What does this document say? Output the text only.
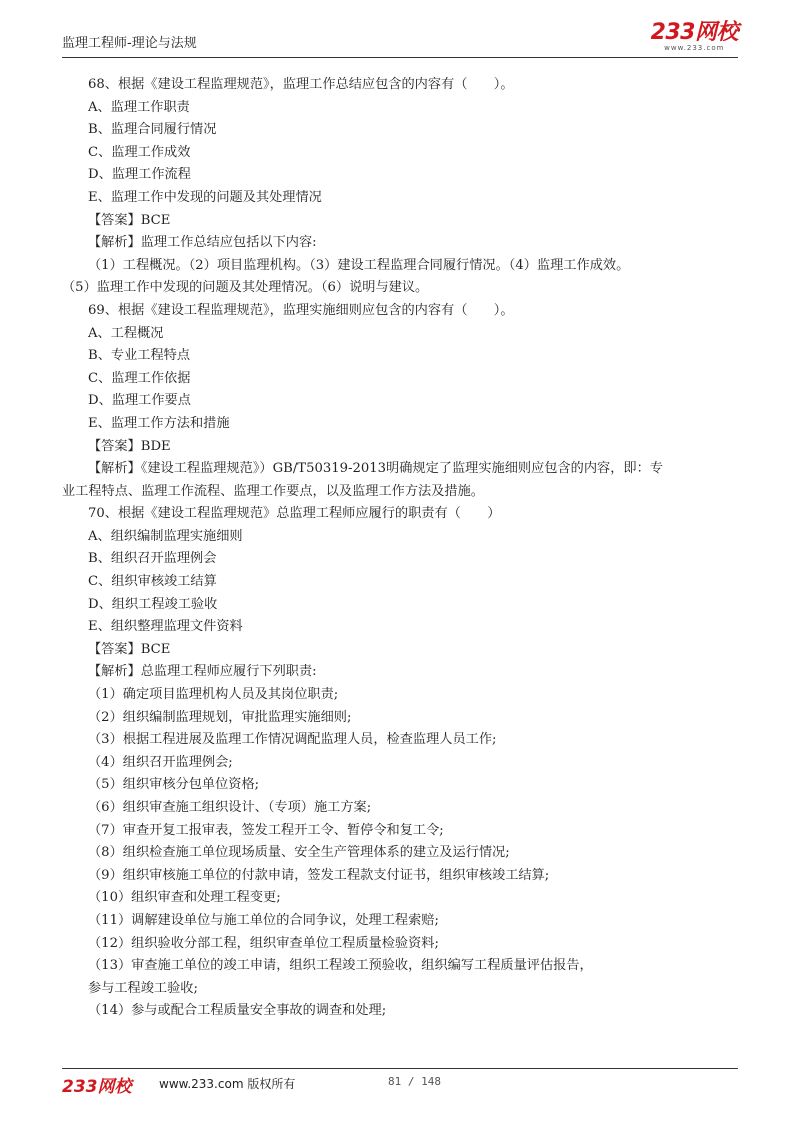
监理工程师-理论与法规	233网校
www.233.com
68、根据《建设工程监理规范》，监理工作总结应包含的内容有（　　）。
A、监理工作职责
B、监理合同履行情况
C、监理工作成效
D、监理工作流程
E、监理工作中发现的问题及其处理情况
【答案】BCE
【解析】监理工作总结应包括以下内容:
（1）工程概况。（2）项目监理机构。（3）建设工程监理合同履行情况。（4）监理工作成效。
（5）监理工作中发现的问题及其处理情况。（6）说明与建议。
69、根据《建设工程监理规范》，监理实施细则应包含的内容有（　　）。
A、工程概况
B、专业工程特点
C、监理工作依据
D、监理工作要点
E、监理工作方法和措施
【答案】BDE
【解析】《建设工程监理规范》）GB/T50319-2013明确规定了监理实施细则应包含的内容，即：专
业工程特点、监理工作流程、监理工作要点，以及监理工作方法及措施。
70、根据《建设工程监理规范》总监理工程师应履行的职责有（　　）
A、组织编制监理实施细则
B、组织召开监理例会
C、组织审核竣工结算
D、组织工程竣工验收
E、组织整理监理文件资料
【答案】BCE
【解析】总监理工程师应履行下列职责:
（1）确定项目监理机构人员及其岗位职责;
（2）组织编制监理规划，审批监理实施细则;
（3）根据工程进展及监理工作情况调配监理人员，检查监理人员工作;
（4）组织召开监理例会;
（5）组织审核分包单位资格;
（6）组织审查施工组织设计、（专项）施工方案;
（7）审查开复工报审表，签发工程开工令、暂停令和复工令;
（8）组织检查施工单位现场质量、安全生产管理体系的建立及运行情况;
（9）组织审核施工单位的付款申请，签发工程款支付证书，组织审核竣工结算;
（10）组织审查和处理工程变更;
（11）调解建设单位与施工单位的合同争议，处理工程索赔;
（12）组织验收分部工程，组织审查单位工程质量检验资料;
（13）审查施工单位的竣工申请，组织工程竣工预验收，组织编写工程质量评估报告，
参与工程竣工验收;
（14）参与或配合工程质量安全事故的调查和处理;
233网校 www.233.com 版权所有	81 / 148
